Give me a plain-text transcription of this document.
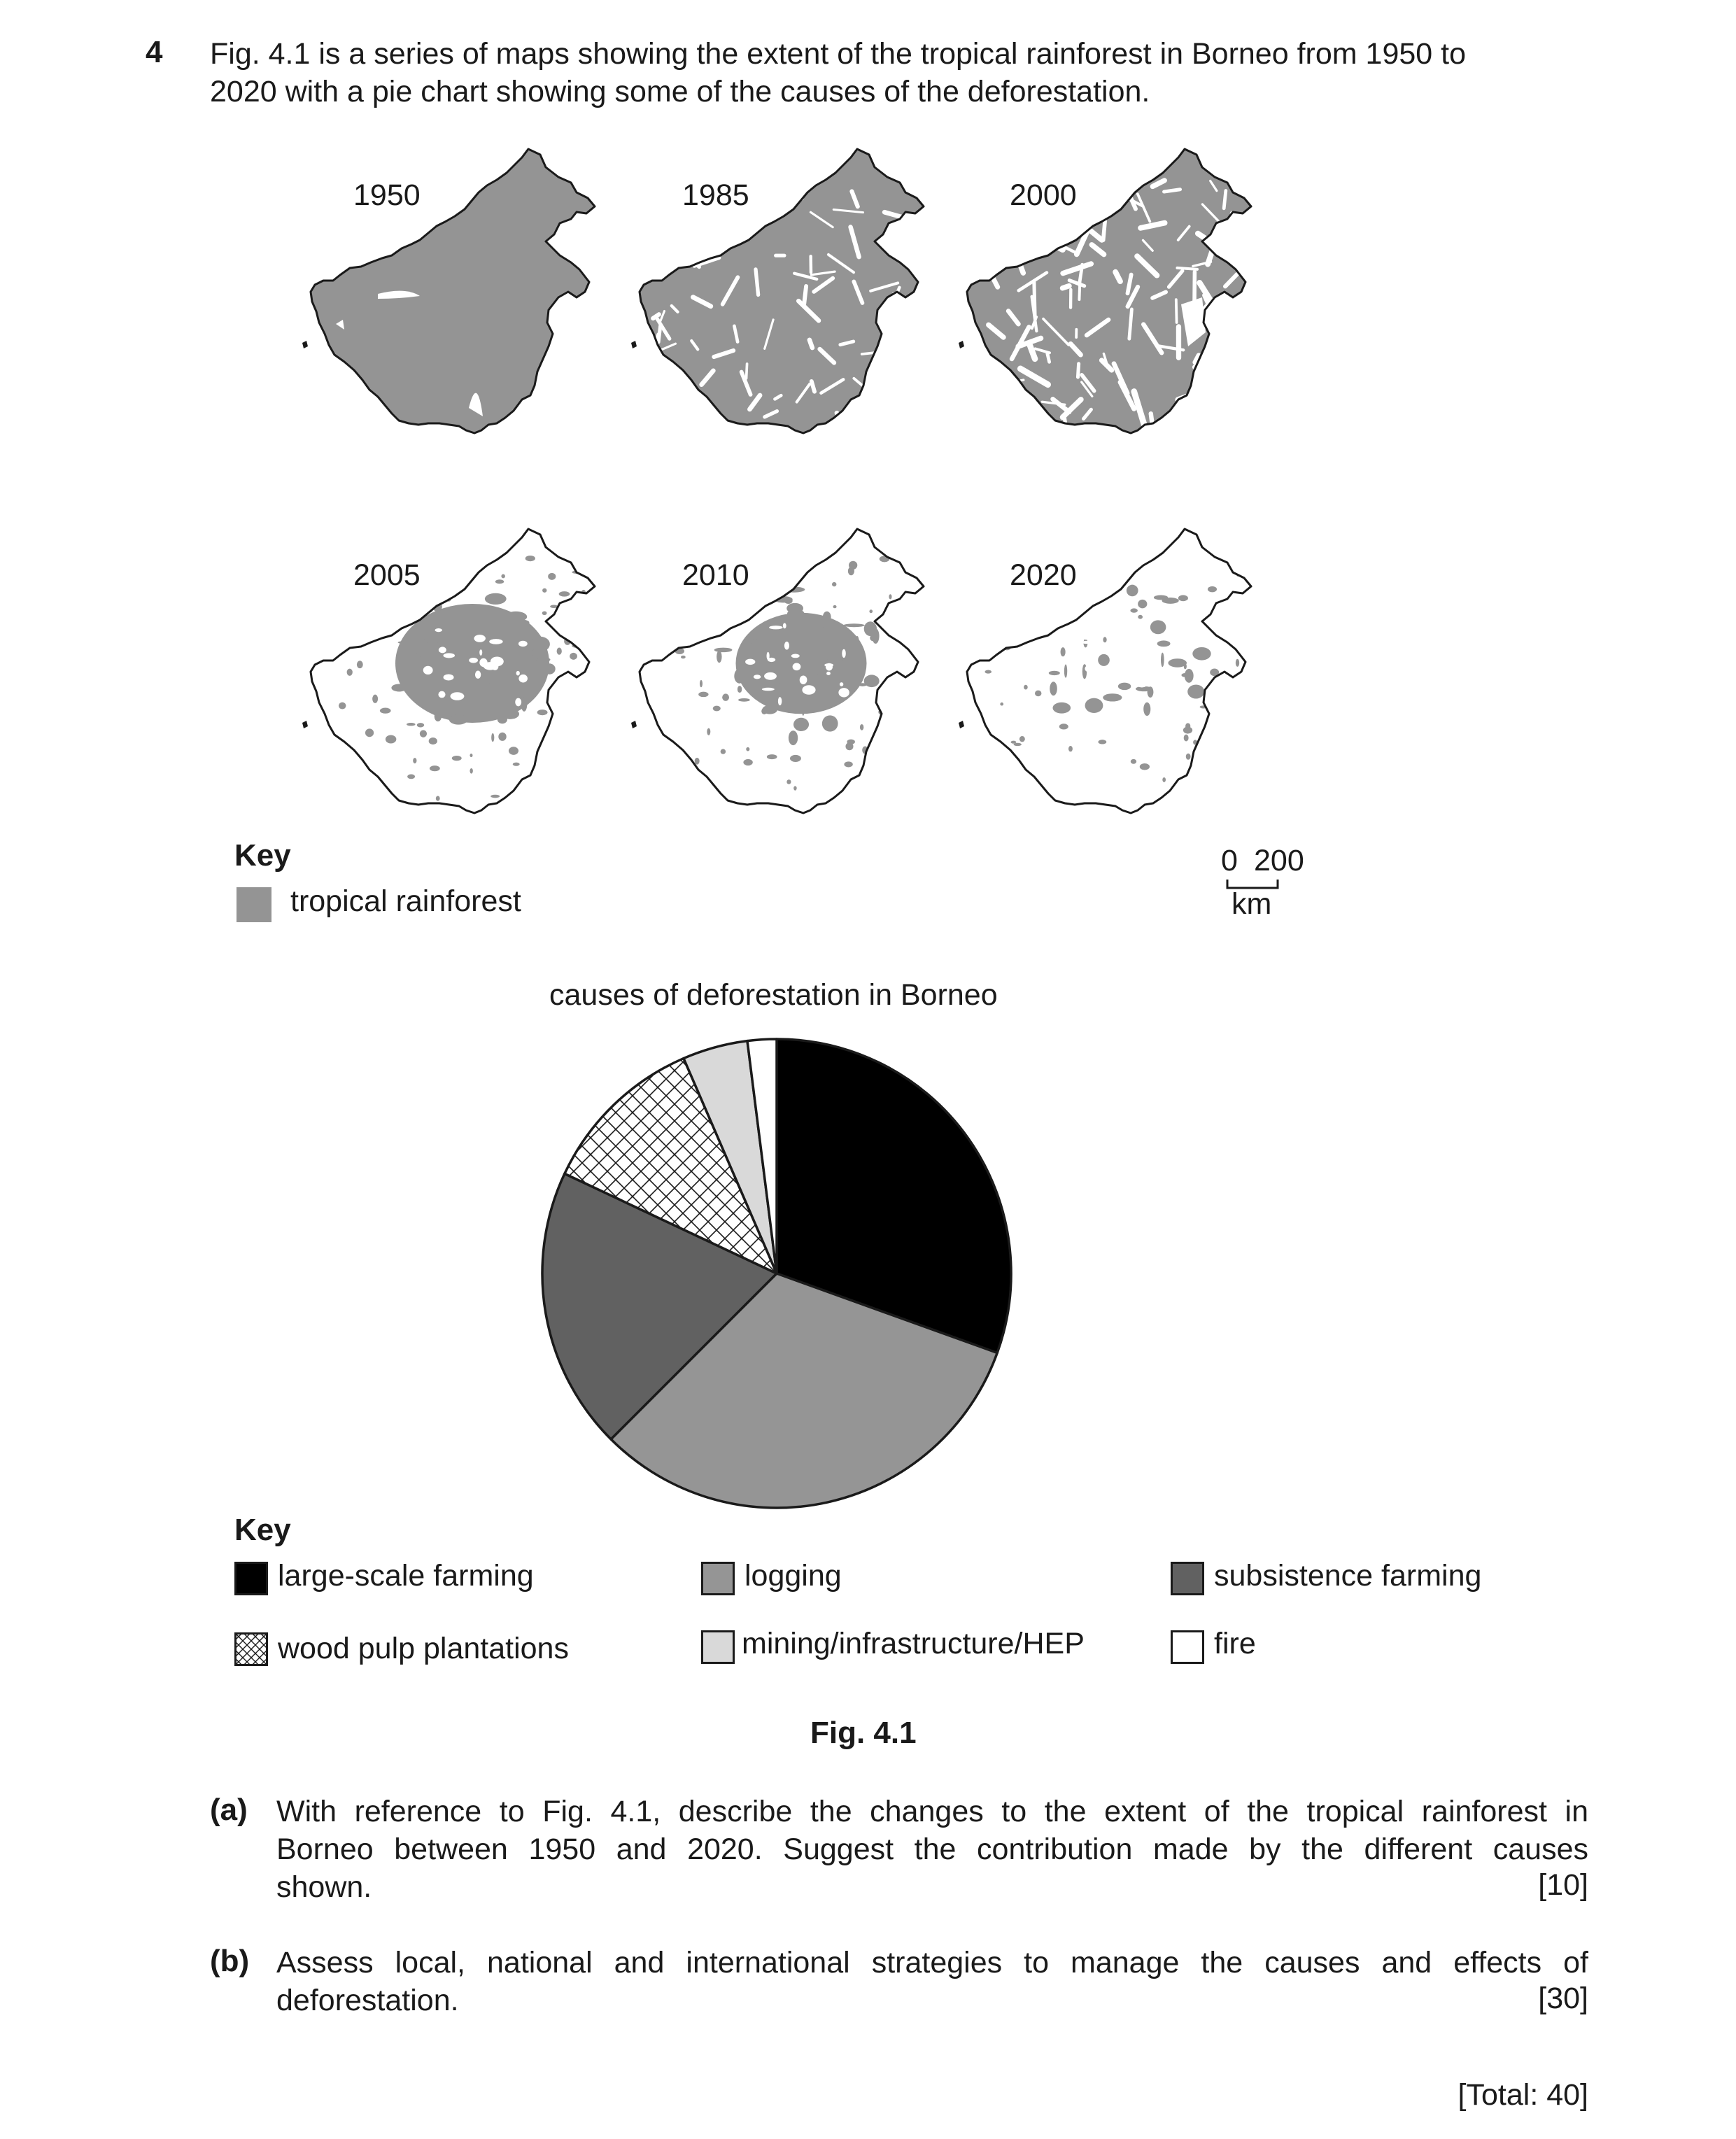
4 Fig. 4.1 is a series of maps showing the extent of the tropical rainforest in Borneo from 1950 to
2020 with a pie chart showing some of the causes of the deforestation.
1950	1985	2000
2005	2010	2020
Key
tropical rainforest
0 200
km
causes of deforestation in Borneo
Key
large-scale farming	logging	subsistence farming
wood pulp plantations	mining/infrastructure/HEP	fire
Fig. 4.1
(a) With reference to Fig. 4.1, describe the changes to the extent of the tropical rainforest in
Borneo between 1950 and 2020. Suggest the contribution made by the different causes
shown.	[10]
(b) Assess local, national and international strategies to manage the causes and effects of
deforestation.	[30]
[Total: 40]
